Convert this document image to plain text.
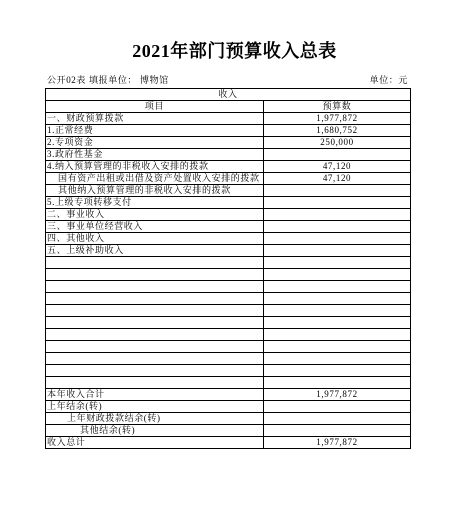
2021年部门预算收入总表
公开02表 填报单位： 博物馆	单位：元
收入
项目	预算数
一、财政预算拨款	1,977,872
1.正常经费	1,680,752
2.专项资金	250,000
3.政府性基金
4.纳入预算管理的非税收入安排的拨款	47,120
国有资产出租或出借及资产处置收入安排的拨款	47,120
其他纳入预算管理的非税收入安排的拨款
5.上级专项转移支付
二、事业收入
三、事业单位经营收入
四、其他收入
五、上级补助收入
本年收入合计	1,977,872
上年结余(转)
上年财政拨款结余(转)
其他结余(转)
收入总计	1,977,872
